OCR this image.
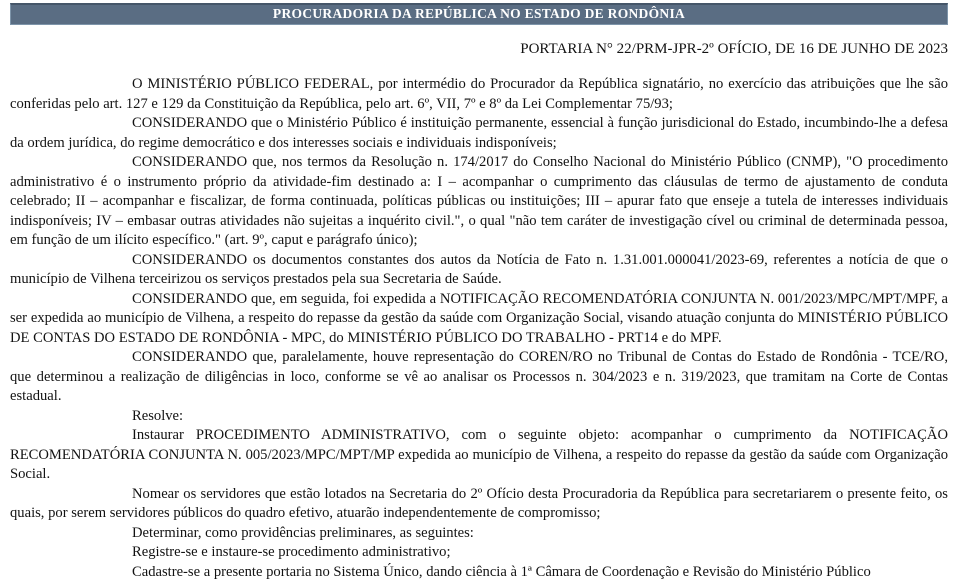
PROCURADORIA DA REPÚBLICA NO ESTADO DE RONDÔNIA
PORTARIA N° 22/PRM-JPR-2º OFÍCIO, DE 16 DE JUNHO DE 2023

O MINISTÉRIO PÚBLICO FEDERAL, por intermédio do Procurador da República signatário, no exercício das atribuições que lhe são conferidas pelo art. 127 e 129 da Constituição da República, pelo art. 6º, VII, 7º e 8º da Lei Complementar 75/93;

CONSIDERANDO que o Ministério Público é instituição permanente, essencial à função jurisdicional do Estado, incumbindo-lhe a defesa da ordem jurídica, do regime democrático e dos interesses sociais e individuais indisponíveis;

CONSIDERANDO que, nos termos da Resolução n. 174/2017 do Conselho Nacional do Ministério Público (CNMP), "O procedimento administrativo é o instrumento próprio da atividade-fim destinado a: I – acompanhar o cumprimento das cláusulas de termo de ajustamento de conduta celebrado; II – acompanhar e fiscalizar, de forma continuada, políticas públicas ou instituições; III – apurar fato que enseje a tutela de interesses individuais indisponíveis; IV – embasar outras atividades não sujeitas a inquérito civil.", o qual "não tem caráter de investigação cível ou criminal de determinada pessoa, em função de um ilícito específico." (art. 9º, caput e parágrafo único);

CONSIDERANDO os documentos constantes dos autos da Notícia de Fato n. 1.31.001.000041/2023-69, referentes a notícia de que o município de Vilhena terceirizou os serviços prestados pela sua Secretaria de Saúde.

CONSIDERANDO que, em seguida, foi expedida a NOTIFICAÇÃO RECOMENDATÓRIA CONJUNTA N. 001/2023/MPC/MPT/MPF, a ser expedida ao município de Vilhena, a respeito do repasse da gestão da saúde com Organização Social, visando atuação conjunta do MINISTÉRIO PÚBLICO DE CONTAS DO ESTADO DE RONDÔNIA - MPC, do MINISTÉRIO PÚBLICO DO TRABALHO - PRT14 e do MPF.

CONSIDERANDO que, paralelamente, houve representação do COREN/RO no Tribunal de Contas do Estado de Rondônia - TCE/RO, que determinou a realização de diligências in loco, conforme se vê ao analisar os Processos n. 304/2023 e n. 319/2023, que tramitam na Corte de Contas estadual.

Resolve:

Instaurar PROCEDIMENTO ADMINISTRATIVO, com o seguinte objeto: acompanhar o cumprimento da NOTIFICAÇÃO RECOMENDATÓRIA CONJUNTA N. 005/2023/MPC/MPT/MP expedida ao município de Vilhena, a respeito do repasse da gestão da saúde com Organização Social.

Nomear os servidores que estão lotados na Secretaria do 2º Ofício desta Procuradoria da República para secretariarem o presente feito, os quais, por serem servidores públicos do quadro efetivo, atuarão independentemente de compromisso;

Determinar, como providências preliminares, as seguintes:

Registre-se e instaure-se procedimento administrativo;

Cadastre-se a presente portaria no Sistema Único, dando ciência à 1ª Câmara de Coordenação e Revisão do Ministério Público
